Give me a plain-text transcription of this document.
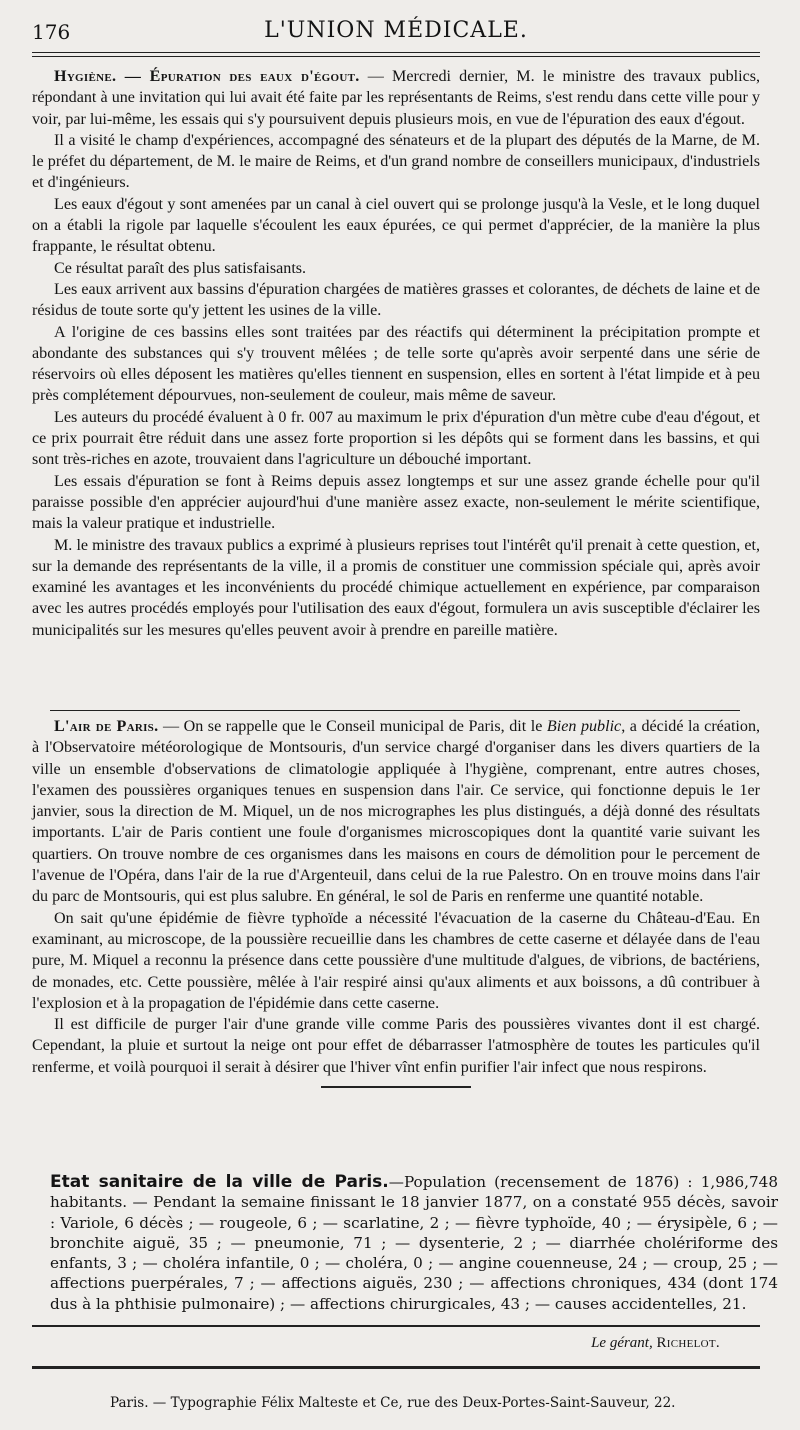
176	L'UNION MÉDICALE.

Hygiène. — Épuration des eaux d'égout. — Mercredi dernier, M. le ministre des travaux publics, répondant à une invitation qui lui avait été faite par les représentants de Reims, s'est rendu dans cette ville pour y voir, par lui-même, les essais qui s'y poursuivent depuis plusieurs mois, en vue de l'épuration des eaux d'égout.

Il a visité le champ d'expériences, accompagné des sénateurs et de la plupart des députés de la Marne, de M. le préfet du département, de M. le maire de Reims, et d'un grand nombre de conseillers municipaux, d'industriels et d'ingénieurs.

Les eaux d'égout y sont amenées par un canal à ciel ouvert qui se prolonge jusqu'à la Vesle, et le long duquel on a établi la rigole par laquelle s'écoulent les eaux épurées, ce qui permet d'apprécier, de la manière la plus frappante, le résultat obtenu.

Ce résultat paraît des plus satisfaisants.

Les eaux arrivent aux bassins d'épuration chargées de matières grasses et colorantes, de déchets de laine et de résidus de toute sorte qu'y jettent les usines de la ville.

A l'origine de ces bassins elles sont traitées par des réactifs qui déterminent la précipitation prompte et abondante des substances qui s'y trouvent mêlées ; de telle sorte qu'après avoir serpenté dans une série de réservoirs où elles déposent les matières qu'elles tiennent en suspension, elles en sortent à l'état limpide et à peu près complétement dépourvues, non-seulement de couleur, mais même de saveur.

Les auteurs du procédé évaluent à 0 fr. 007 au maximum le prix d'épuration d'un mètre cube d'eau d'égout, et ce prix pourrait être réduit dans une assez forte proportion si les dépôts qui se forment dans les bassins, et qui sont très-riches en azote, trouvaient dans l'agriculture un débouché important.

Les essais d'épuration se font à Reims depuis assez longtemps et sur une assez grande échelle pour qu'il paraisse possible d'en apprécier aujourd'hui d'une manière assez exacte, non-seulement le mérite scientifique, mais la valeur pratique et industrielle.

M. le ministre des travaux publics a exprimé à plusieurs reprises tout l'intérêt qu'il prenait à cette question, et, sur la demande des représentants de la ville, il a promis de constituer une commission spéciale qui, après avoir examiné les avantages et les inconvénients du procédé chimique actuellement en expérience, par comparaison avec les autres procédés employés pour l'utilisation des eaux d'égout, formulera un avis susceptible d'éclairer les municipalités sur les mesures qu'elles peuvent avoir à prendre en pareille matière.

L'air de Paris. — On se rappelle que le Conseil municipal de Paris, dit le Bien public, a décidé la création, à l'Observatoire météorologique de Montsouris, d'un service chargé d'organiser dans les divers quartiers de la ville un ensemble d'observations de climatologie appliquée à l'hygiène, comprenant, entre autres choses, l'examen des poussières organiques tenues en suspension dans l'air. Ce service, qui fonctionne depuis le 1er janvier, sous la direction de M. Miquel, un de nos micrographes les plus distingués, a déjà donné des résultats importants. L'air de Paris contient une foule d'organismes microscopiques dont la quantité varie suivant les quartiers. On trouve nombre de ces organismes dans les maisons en cours de démolition pour le percement de l'avenue de l'Opéra, dans l'air de la rue d'Argenteuil, dans celui de la rue Palestro. On en trouve moins dans l'air du parc de Montsouris, qui est plus salubre. En général, le sol de Paris en renferme une quantité notable.

On sait qu'une épidémie de fièvre typhoïde a nécessité l'évacuation de la caserne du Château-d'Eau. En examinant, au microscope, de la poussière recueillie dans les chambres de cette caserne et délayée dans de l'eau pure, M. Miquel a reconnu la présence dans cette poussière d'une multitude d'algues, de vibrions, de bactériens, de monades, etc. Cette poussière, mêlée à l'air respiré ainsi qu'aux aliments et aux boissons, a dû contribuer à l'explosion et à la propagation de l'épidémie dans cette caserne.

Il est difficile de purger l'air d'une grande ville comme Paris des poussières vivantes dont il est chargé. Cependant, la pluie et surtout la neige ont pour effet de débarrasser l'atmosphère de toutes les particules qu'il renferme, et voilà pourquoi il serait à désirer que l'hiver vînt enfin purifier l'air infect que nous respirons.

Etat sanitaire de la ville de Paris.—Population (recensement de 1876) : 1,986,748 habitants. — Pendant la semaine finissant le 18 janvier 1877, on a constaté 955 décès, savoir : Variole, 6 décès ; — rougeole, 6 ; — scarlatine, 2 ; — fièvre typhoïde, 40 ; — érysipèle, 6 ; — bronchite aiguë, 35 ; — pneumonie, 71 ; — dysenterie, 2 ; — diarrhée cholériforme des enfants, 3 ; — choléra infantile, 0 ; — choléra, 0 ; — angine couenneuse, 24 ; — croup, 25 ; — affections puerpérales, 7 ; — affections aiguës, 230 ; — affections chroniques, 434 (dont 174 dus à la phthisie pulmonaire) ; — affections chirurgicales, 43 ; — causes accidentelles, 21.

Le gérant, Richelot.
Paris. — Typographie Félix Malteste et Ce, rue des Deux-Portes-Saint-Sauveur, 22.
